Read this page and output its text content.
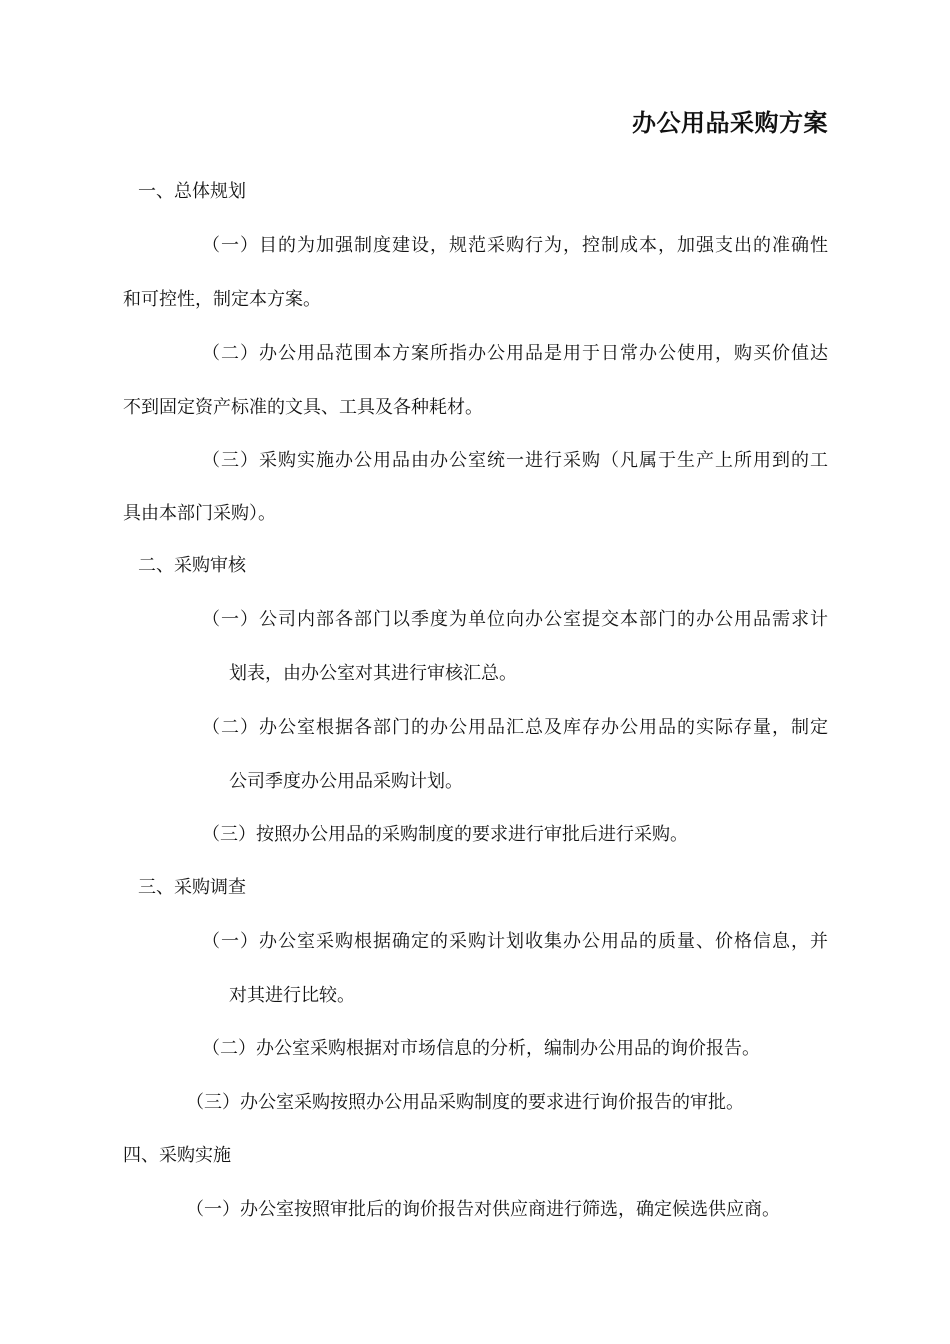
办公用品采购方案
一、总体规划
（一）目的为加强制度建设，规范采购行为，控制成本，加强支出的准确性
和可控性，制定本方案。
（二）办公用品范围本方案所指办公用品是用于日常办公使用，购买价值达
不到固定资产标准的文具、工具及各种耗材。
（三）采购实施办公用品由办公室统一进行采购（凡属于生产上所用到的工
具由本部门采购）。
二、采购审核
（一）公司内部各部门以季度为单位向办公室提交本部门的办公用品需求计
划表，由办公室对其进行审核汇总。
（二）办公室根据各部门的办公用品汇总及库存办公用品的实际存量，制定
公司季度办公用品采购计划。
（三）按照办公用品的采购制度的要求进行审批后进行采购。
三、采购调查
（一）办公室采购根据确定的采购计划收集办公用品的质量、价格信息，并
对其进行比较。
（二）办公室采购根据对市场信息的分析，编制办公用品的询价报告。
（三）办公室采购按照办公用品采购制度的要求进行询价报告的审批。
四、采购实施
（一）办公室按照审批后的询价报告对供应商进行筛选，确定候选供应商。
